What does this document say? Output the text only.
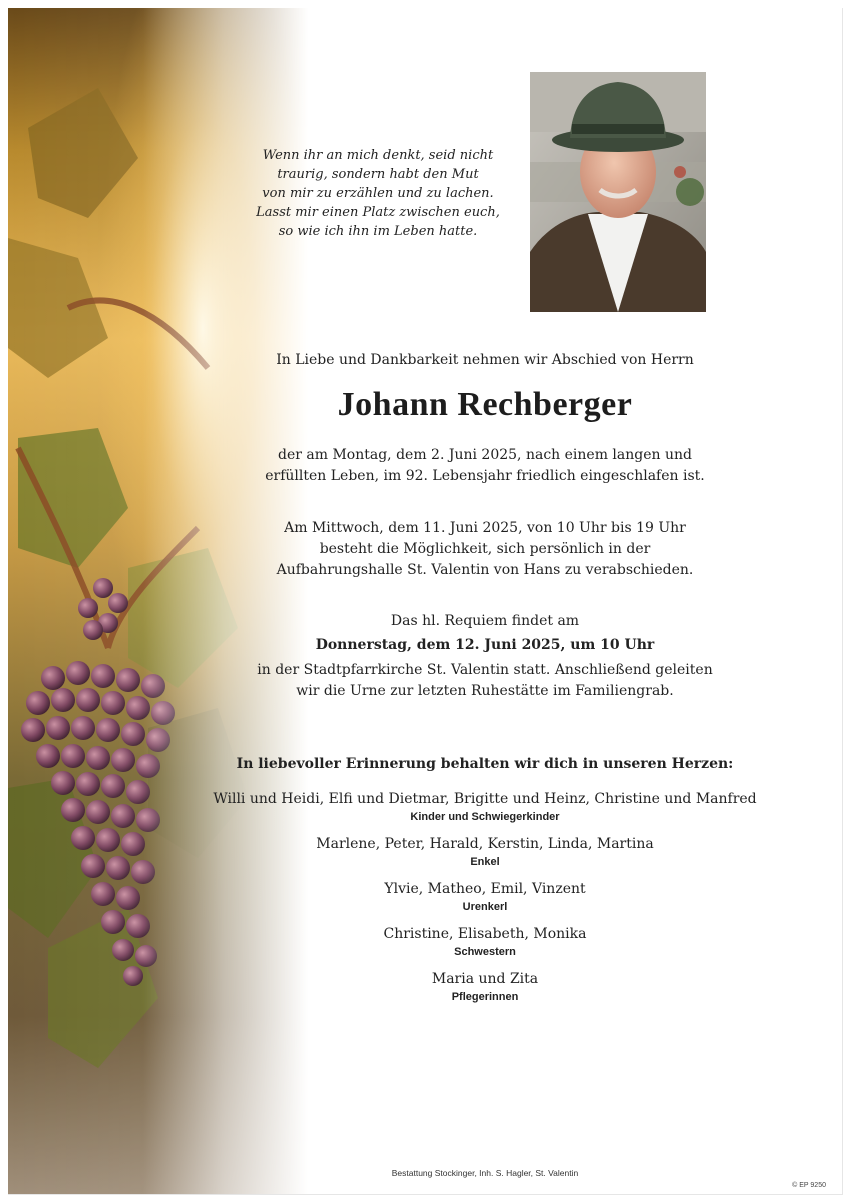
Wenn ihr an mich denkt, seid nicht
traurig, sondern habt den Mut
von mir zu erzählen und zu lachen.
Lasst mir einen Platz zwischen euch,
so wie ich ihn im Leben hatte.
In Liebe und Dankbarkeit nehmen wir Abschied von Herrn
Johann Rechberger
der am Montag, dem 2. Juni 2025, nach einem langen und
erfüllten Leben, im 92. Lebensjahr friedlich eingeschlafen ist.
Am Mittwoch, dem 11. Juni 2025, von 10 Uhr bis 19 Uhr
besteht die Möglichkeit, sich persönlich in der
Aufbahrungshalle St. Valentin von Hans zu verabschieden.
Das hl. Requiem findet am
Donnerstag, dem 12. Juni 2025, um 10 Uhr
in der Stadtpfarrkirche St. Valentin statt. Anschließend geleiten
wir die Urne zur letzten Ruhestätte im Familiengrab.
In liebevoller Erinnerung behalten wir dich in unseren Herzen:
Willi und Heidi, Elfi und Dietmar, Brigitte und Heinz, Christine und Manfred
Kinder und Schwiegerkinder
Marlene, Peter, Harald, Kerstin, Linda, Martina
Enkel
Ylvie, Matheo, Emil, Vinzent
Urenkerl
Christine, Elisabeth, Monika
Schwestern
Maria und Zita
Pflegerinnen
Bestattung Stockinger, Inh. S. Hagler, St. Valentin
© EP 9250
